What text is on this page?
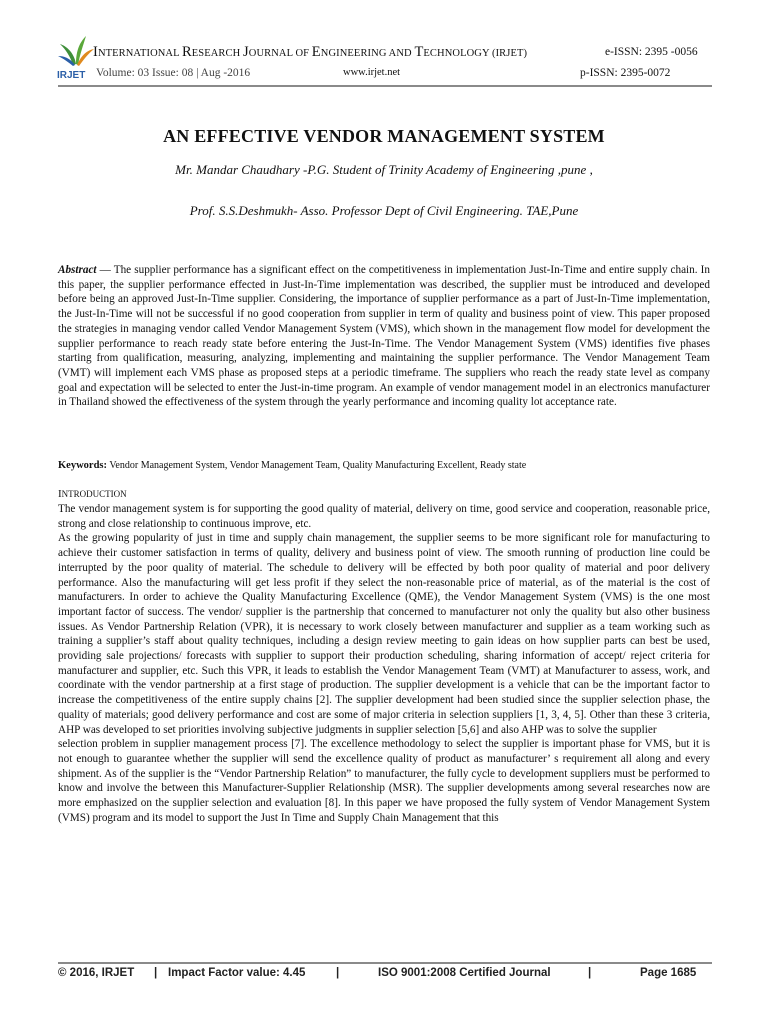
IRJET
INTERNATIONAL RESEARCH JOURNAL OF ENGINEERING AND TECHNOLOGY (IRJET)	e-ISSN: 2395 -0056
Volume: 03 Issue: 08 | Aug -2016	www.irjet.net	p-ISSN: 2395-0072
AN EFFECTIVE VENDOR MANAGEMENT SYSTEM
Mr. Mandar Chaudhary -P.G. Student of Trinity Academy of Engineering ,pune ,
Prof. S.S.Deshmukh- Asso. Professor Dept of Civil Engineering. TAE,Pune

Abstract — The supplier performance has a significant effect on the competitiveness in implementation Just-In-Time and entire supply chain. In this paper, the supplier performance effected in Just-In-Time implementation was described, the supplier must be introduced and developed before being an approved Just-In-Time supplier. Considering, the importance of supplier performance as a part of Just-In-Time implementation, the Just-In-Time will not be successful if no good cooperation from supplier in term of quality and business point of view. This paper proposed the strategies in managing vendor called Vendor Management System (VMS), which shown in the management flow model for development the supplier performance to reach ready state before entering the Just-In-Time. The Vendor Management System (VMS) identifies five phases starting from qualification, measuring, analyzing, implementing and maintaining the supplier performance. The Vendor Management Team (VMT) will implement each VMS phase as proposed steps at a periodic timeframe. The suppliers who reach the ready state level as company goal and expectation will be selected to enter the Just-in-time program. An example of vendor management model in an electronics manufacturer in Thailand showed the effectiveness of the system through the yearly performance and incoming quality lot acceptance rate.

Keywords: Vendor Management System, Vendor Management Team, Quality Manufacturing Excellent, Ready state
INTRODUCTION

The vendor management system is for supporting the good quality of material, delivery on time, good service and cooperation, reasonable price, strong and close relationship to continuous improve, etc.

As the growing popularity of just in time and supply chain management, the supplier seems to be more significant role for manufacturing to achieve their customer satisfaction in terms of quality, delivery and business point of view. The smooth running of production line could be interrupted by the poor quality of material. The schedule to delivery will be effected by both poor quality of material and poor delivery performance. Also the manufacturing will get less profit if they select the non-reasonable price of material, as of the material is the cost of manufacturers. In order to achieve the Quality Manufacturing Excellence (QME), the Vendor Management System (VMS) is the one most important factor of success. The vendor/ supplier is the partnership that concerned to manufacturer not only the quality but also other business issues. As Vendor Partnership Relation (VPR), it is necessary to work closely between manufacturer and supplier as a team working such as training a supplier’s staff about quality techniques, including a design review meeting to gain ideas on how supplier parts can best be used, providing sale projections/ forecasts with supplier to support their production scheduling, sharing information of accept/ reject criteria for manufacturer and supplier, etc. Such this VPR, it leads to establish the Vendor Management Team (VMT) at Manufacturer to assess, work, and coordinate with the vendor partnership at a first stage of production. The supplier development is a vehicle that can be the important factor to increase the competitiveness of the entire supply chains [2]. The supplier development had been studied since the supplier selection phase, the quality of materials; good delivery performance and cost are some of major criteria in selection suppliers [1, 3, 4, 5]. Other than these 3 criteria, AHP was developed to set priorities involving subjective judgments in supplier selection [5,6] and also AHP was to solve the supplier

selection problem in supplier management process [7]. The excellence methodology to select the supplier is important phase for VMS, but it is not enough to guarantee whether the supplier will send the excellence quality of product as manufacturer’ s requirement all along and every shipment. As of the supplier is the “Vendor Partnership Relation” to manufacturer, the fully cycle to development suppliers must be performed to know and involve the between this Manufacturer-Supplier Relationship (MSR). The supplier developments among several researches now are more emphasized on the supplier selection and evaluation [8]. In this paper we have proposed the fully system of Vendor Management System (VMS) program and its model to support the Just In Time and Supply Chain Management that this

© 2016, IRJET | Impact Factor value: 4.45	|	ISO 9001:2008 Certified Journal	|	Page 1685
